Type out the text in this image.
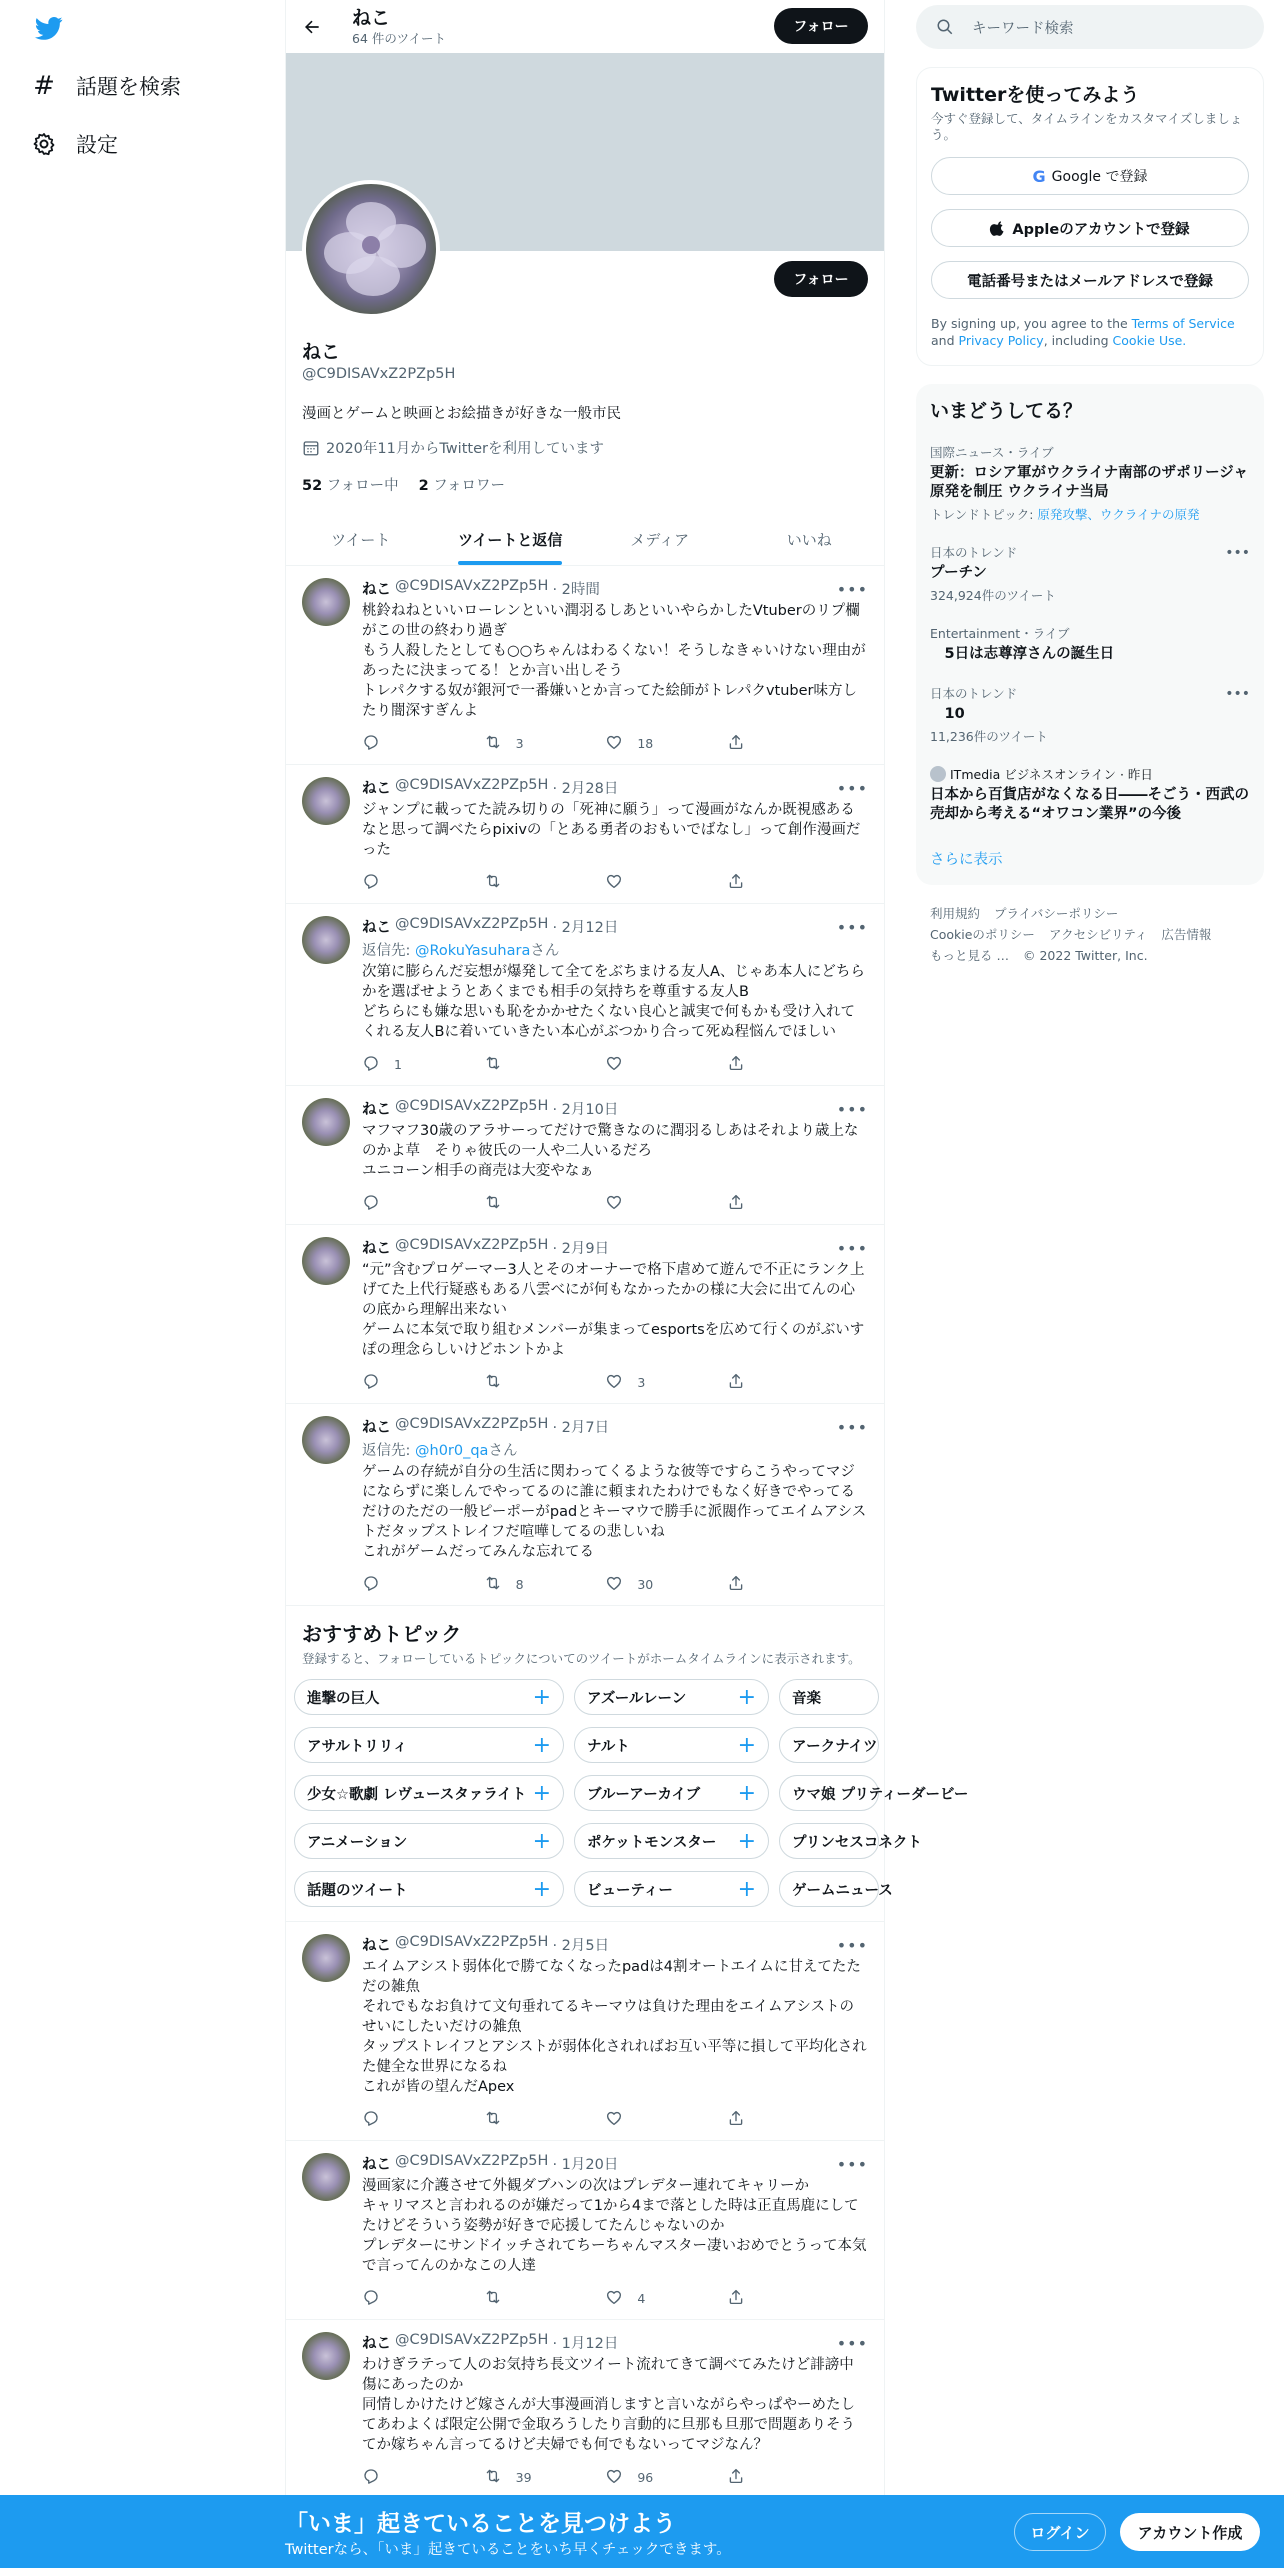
# 話題を検索
設定
ねこ
64 件のツイート
フォロー
フォロー
ねこ
@C9DISAVxZ2PZp5H
漫画とゲームと映画とお絵描きが好きな一般市民
2020年11月からTwitterを利用しています
52 フォロー中 2 フォロワー
ツイート	ツイートと返信	メディア	いいね
ねこ @C9DISAVxZ2PZp5H · 2時間
桃鈴ねねといいローレンといい潤羽るしあといいやらかしたVtuberのリプ欄がこの世の終わり過ぎ
もう人殺したとしても○○ちゃんはわるくない！そうしなきゃいけない理由があったに決まってる！とか言い出しそう
トレパクする奴が銀河で一番嫌いとか言ってた絵師がトレパクvtuber味方したり闇深すぎんよ
3	18
•••
ねこ @C9DISAVxZ2PZp5H · 2月28日
ジャンプに載ってた読み切りの「死神に願う」って漫画がなんか既視感あるなと思って調べたらpixivの「とある勇者のおもいでばなし」って創作漫画だった
•••
ねこ @C9DISAVxZ2PZp5H · 2月12日
返信先: @RokuYasuharaさん
次第に膨らんだ妄想が爆発して全てをぶちまける友人A、じゃあ本人にどちらかを選ばせようとあくまでも相手の気持ちを尊重する友人B
どちらにも嫌な思いも恥をかかせたくない良心と誠実で何もかも受け入れてくれる友人Bに着いていきたい本心がぶつかり合って死ぬ程悩んでほしい
1
•••
ねこ @C9DISAVxZ2PZp5H · 2月10日
マフマフ30歳のアラサーってだけで驚きなのに潤羽るしあはそれより歳上なのかよ草　そりゃ彼氏の一人や二人いるだろ
ユニコーン相手の商売は大変やなぁ
•••
ねこ @C9DISAVxZ2PZp5H · 2月9日
“元”含むプロゲーマー3人とそのオーナーで格下虐めて遊んで不正にランク上げてた上代行疑惑もある八雲べにが何もなかったかの様に大会に出てんの心の底から理解出来ない
ゲームに本気で取り組むメンバーが集まってesportsを広めて行くのがぶいすぽの理念らしいけどホントかよ
3
•••
ねこ @C9DISAVxZ2PZp5H · 2月7日
返信先: @h0r0_qaさん
ゲームの存続が自分の生活に関わってくるような彼等ですらこうやってマジにならずに楽しんでやってるのに誰に頼まれたわけでもなく好きでやってるだけのただの一般ピーポーがpadとキーマウで勝手に派閥作ってエイムアシストだタップストレイフだ喧嘩してるの悲しいね
これがゲームだってみんな忘れてる
8	30
•••
おすすめトピック

登録すると、フォローしているトピックについてのツイートがホームタイムラインに表示されます。

進撃の巨人	+ アズールレーン + 音楽
アサルトリリィ	+ ナルト	+ アークナイツ
少女☆歌劇 レヴュースタァライト + ブルーアーカイブ + ウマ娘 プリティーダービー
アニメーション	+ ポケットモンスター + プリンセスコネクト
話題のツイート	+ ビューティー	+ ゲームニュース
ねこ @C9DISAVxZ2PZp5H · 2月5日
エイムアシスト弱体化で勝てなくなったpadは4割オートエイムに甘えてたただの雑魚
それでもなお負けて文句垂れてるキーマウは負けた理由をエイムアシストのせいにしたいだけの雑魚
タップストレイフとアシストが弱体化されればお互い平等に損して平均化された健全な世界になるね
これが皆の望んだApex
•••
ねこ @C9DISAVxZ2PZp5H · 1月20日
漫画家に介護させて外観ダブハンの次はプレデター連れてキャリーか
キャリマスと言われるのが嫌だって1から4まで落とした時は正直馬鹿にしてたけどそういう姿勢が好きで応援してたんじゃないのか
プレデターにサンドイッチされてちーちゃんマスター凄いおめでとうって本気で言ってんのかなこの人達
4
•••
ねこ @C9DISAVxZ2PZp5H · 1月12日
わけぎラテって人のお気持ち長文ツイート流れてきて調べてみたけど誹謗中傷にあったのか
同情しかけたけど嫁さんが大事漫画消しますと言いながらやっぱやーめたしてあわよくば限定公開で金取ろうしたり言動的に旦那も旦那で問題ありそう
てか嫁ちゃん言ってるけど夫婦でも何でもないってマジなん？
39	96
•••
キーワード検索
Twitterを使ってみよう
今すぐ登録して、タイムラインをカスタマイズしましょう。
G Google で登録
Appleのアカウントで登録
電話番号またはメールアドレスで登録
By signing up, you agree to the Terms of Service and Privacy Policy, including Cookie Use.
いまどうしてる？
国際ニュース・ライブ
更新：ロシア軍がウクライナ南部のザポリージャ原発を制圧 ウクライナ当局
トレンドトピック: 原発攻撃、ウクライナの原発
日本のトレンド
プーチン
324,924件のツイート
•••
Entertainment・ライブ
　5日は志尊淳さんの誕生日
日本のトレンド
　10
11,236件のツイート
•••
ITmedia ビジネスオンライン · 昨日
日本から百貨店がなくなる日――そごう・西武の売却から考える“オワコン業界”の今後
さらに表示
利用規約 プライバシーポリシー
Cookieのポリシー アクセシビリティ 広告情報
もっと見る … © 2022 Twitter, Inc.
「いま」起きていることを見つけよう
Twitterなら、「いま」起きていることをいち早くチェックできます。
ログイン	アカウント作成
